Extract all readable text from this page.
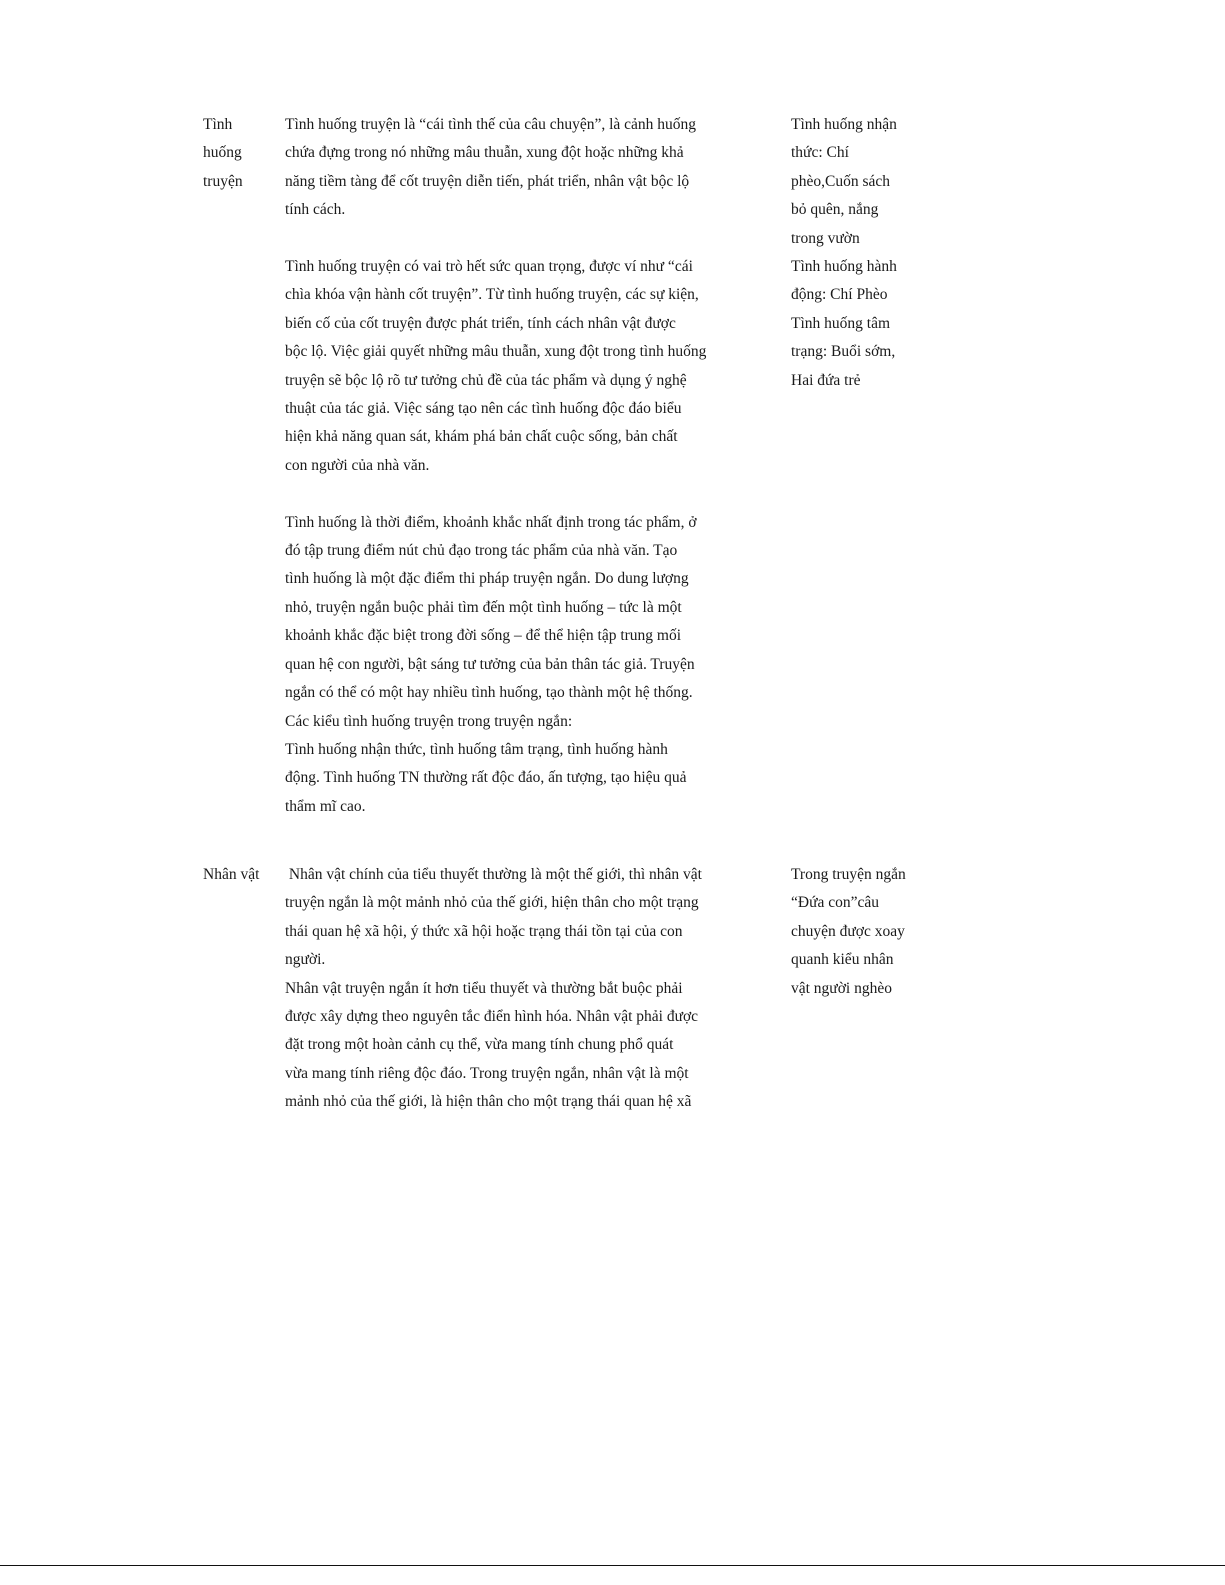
Tình
huống
truyện
Tình huống truyện là “cái tình thế của câu chuyện”, là cảnh huống
chứa đựng trong nó những mâu thuẫn, xung đột hoặc những khả
năng tiềm tàng để cốt truyện diễn tiến, phát triển, nhân vật bộc lộ
tính cách.
Tình huống truyện có vai trò hết sức quan trọng, được ví như “cái
chìa khóa vận hành cốt truyện”. Từ tình huống truyện, các sự kiện,
biến cố của cốt truyện được phát triển, tính cách nhân vật được
bộc lộ. Việc giải quyết những mâu thuẫn, xung đột trong tình huống
truyện sẽ bộc lộ rõ tư tưởng chủ đề của tác phẩm và dụng ý nghệ
thuật của tác giả. Việc sáng tạo nên các tình huống độc đáo biểu
hiện khả năng quan sát, khám phá bản chất cuộc sống, bản chất
con người của nhà văn.
Tình huống là thời điểm, khoảnh khắc nhất định trong tác phẩm, ở
đó tập trung điểm nút chủ đạo trong tác phẩm của nhà văn. Tạo
tình huống là một đặc điểm thi pháp truyện ngắn. Do dung lượng
nhỏ, truyện ngắn buộc phải tìm đến một tình huống – tức là một
khoảnh khắc đặc biệt trong đời sống – để thể hiện tập trung mối
quan hệ con người, bật sáng tư tưởng của bản thân tác giả. Truyện
ngắn có thể có một hay nhiều tình huống, tạo thành một hệ thống.
Các kiểu tình huống truyện trong truyện ngắn:
Tình huống nhận thức, tình huống tâm trạng, tình huống hành
động. Tình huống TN thường rất độc đáo, ấn tượng, tạo hiệu quả
thẩm mĩ cao.
Tình huống nhận
thức: Chí
phèo,Cuốn sách
bỏ quên, nắng
trong vườn
Tình huống hành
động: Chí Phèo
Tình huống tâm
trạng: Buổi sớm,
Hai đứa trẻ
Nhân vật	Nhân vật chính của tiểu thuyết thường là một thế giới, thì nhân vật
truyện ngắn là một mảnh nhỏ của thế giới, hiện thân cho một trạng
thái quan hệ xã hội, ý thức xã hội hoặc trạng thái tồn tại của con
người.
Nhân vật truyện ngắn ít hơn tiểu thuyết và thường bắt buộc phải
được xây dựng theo nguyên tắc điển hình hóa. Nhân vật phải được
đặt trong một hoàn cảnh cụ thể, vừa mang tính chung phổ quát
vừa mang tính riêng độc đáo. Trong truyện ngắn, nhân vật là một
mảnh nhỏ của thế giới, là hiện thân cho một trạng thái quan hệ xã
Trong truyện ngắn
“Đứa con”câu
chuyện được xoay
quanh kiểu nhân
vật người nghèo
